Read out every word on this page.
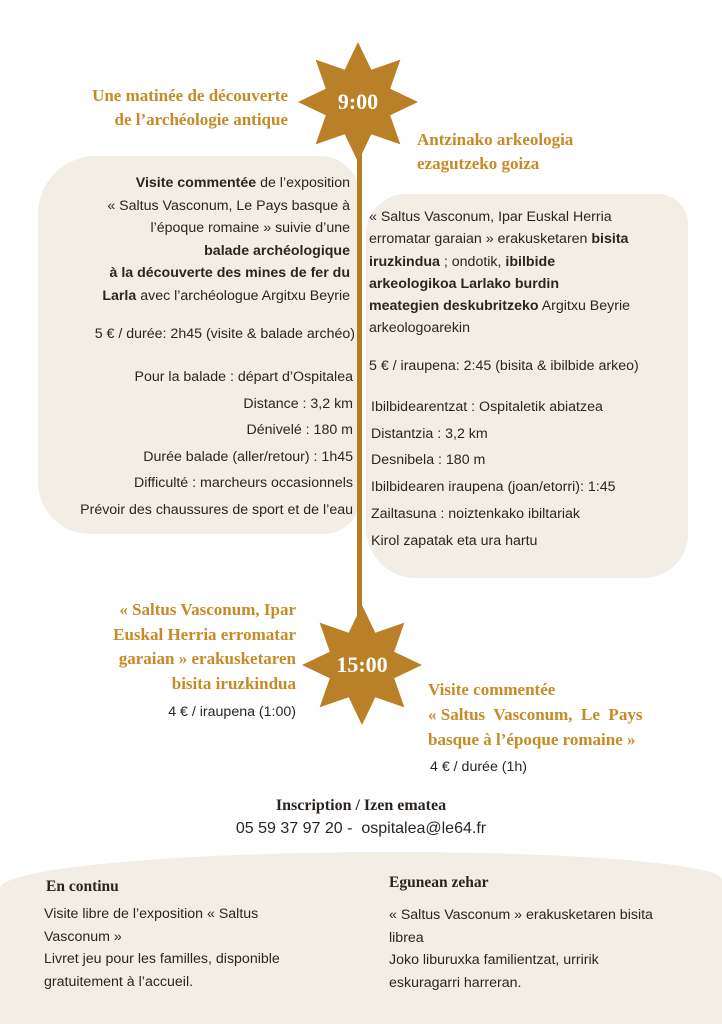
9:00
15:00
Une matinée de découverte
de l’archéologie antique
Antzinako arkeologia
ezagutzeko goiza
Visite commentée de l’exposition
« Saltus Vasconum, Le Pays basque à
l’époque romaine » suivie d’une
balade archéologique
à la découverte des mines de fer du
Larla avec l’archéologue Argitxu Beyrie
5 € / durée: 2h45 (visite & balade archéo)
Pour la balade : départ d’Ospitalea
Distance : 3,2 km
Dénivelé : 180 m
Durée balade (aller/retour) : 1h45
Difficulté : marcheurs occasionnels
Prévoir des chaussures de sport et de l’eau
« Saltus Vasconum, Ipar Euskal Herria
erromatar garaian » erakusketaren bisita
iruzkindua ; ondotik, ibilbide
arkeologikoa Larlako burdin
meategien deskubritzeko Argitxu Beyrie
arkeologoarekin
5 € / iraupena: 2:45 (bisita & ibilbide arkeo)
Ibilbidearentzat : Ospitaletik abiatzea
Distantzia : 3,2 km
Desnibela : 180 m
Ibilbidearen iraupena (joan/etorri): 1:45
Zailtasuna : noiztenkako ibiltariak
Kirol zapatak eta ura hartu
« Saltus Vasconum, Ipar
Euskal Herria erromatar
garaian » erakusketaren
bisita iruzkindua
4 € / iraupena (1:00)
Visite commentée
« Saltus  Vasconum,  Le  Pays
basque à l’époque romaine »
4 € / durée (1h)
Inscription / Izen ematea
05 59 37 97 20 -  ospitalea@le64.fr
En continu
Visite libre de l’exposition « Saltus
Vasconum »
Livret jeu pour les familles, disponible
gratuitement à l’accueil.
Egunean zehar
« Saltus Vasconum » erakusketaren bisita
librea
Joko liburuxka familientzat, urririk
eskuragarri harreran.
